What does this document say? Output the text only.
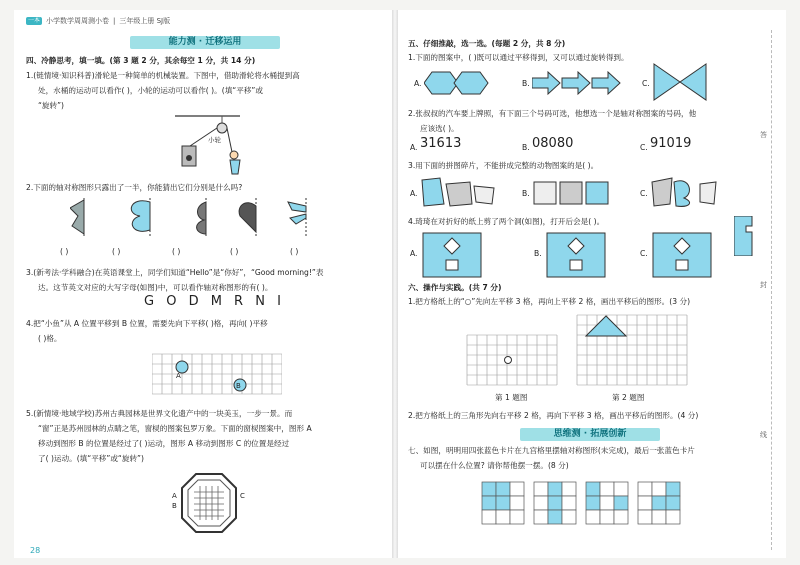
一本 小学数学周周测小卷 | 三年级上册 SJ版
能力测 · 迁移运用
四、冷静思考，填一填。(第 3 题 2 分，其余每空 1 分，共 14 分)
1.(链情境·知识科普)滑轮是一种简单的机械装置。下图中，借助滑轮将水桶提到高
处，水桶的运动可以看作( )，小轮的运动可以看作( )。(填“平移”或
“旋转”)
小轮
2.下面的轴对称图形只露出了一半，你能猜出它们分别是什么吗?
( )	( )	( )	( )	( )
3.(新考法·学科融合)在英语课堂上，同学们知道“Hello”是“你好”，“Good morning!”表
达。这节英文对应的大写字母(如图)中，可以看作轴对称图形的有( )。
G O D M R N I
4.把“小鱼”从 A 位置平移到 B 位置，需要先向下平移( )格，再向( )平移
( )格。
A
B
5.(新情境·地域学校)苏州古典园林是世界文化遗产中的一块美玉，一步一景。而
“窗”正是苏州园林的点睛之笔，窗棂的图案包罗万象。下面的窗棂图案中，图形 A
移动到图形 B 的位置是经过了( )运动，图形 A 移动到图形 C 的位置是经过
了( )运动。(填“平移”或“旋转”)
A
B
C
28
五、仔细推敲，选一选。(每题 2 分，共 8 分)
1.下面的图案中，( )既可以通过平移得到，又可以通过旋转得到。
A.	B.	C.
2.张叔叔的汽车要上牌照，有下面三个号码可选，他想选一个是轴对称图案的号码，他
应该选( )。
A. 31613	B. 08080	C. 91019
3.用下面的拼图碎片，不能拼成完整的动物图案的是( )。
A.	B.	C.
4.琦琦在对折好的纸上剪了两个洞(如图)，打开后会是( )。
A.	B.	C.
六、操作与实践。(共 7 分)
1.把方格纸上的“○”先向左平移 3 格，再向上平移 2 格，画出平移后的图形。(3 分)
第 1 题图	第 2 题图
2.把方格纸上的三角形先向右平移 2 格，再向下平移 3 格，画出平移后的图形。(4 分)
思维测 · 拓展创新
七、如图，明明用四张蓝色卡片在九宫格里摆轴对称图形(未完成)，最后一张蓝色卡片
可以摆在什么位置? 请你帮他摆一摆。(8 分)
答
封
线
